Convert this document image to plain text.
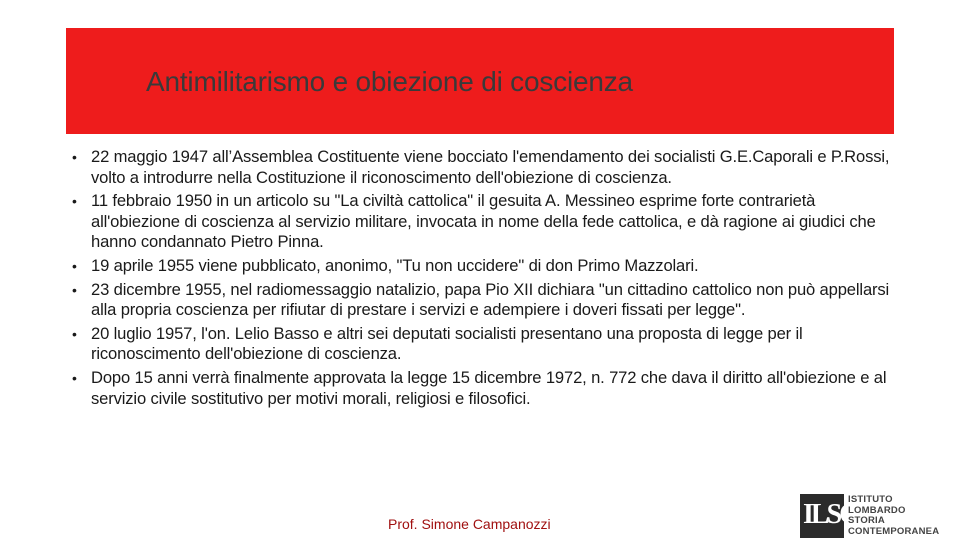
Antimilitarismo e obiezione di coscienza
• 22 maggio 1947 all’Assemblea Costituente viene bocciato l'emendamento dei socialisti G.E.Caporali e P.Rossi, volto a introdurre nella Costituzione il riconoscimento dell'obiezione di coscienza.
• 11 febbraio 1950 in un articolo su "La civiltà cattolica" il gesuita A. Messineo esprime forte contrarietà all'obiezione di coscienza al servizio militare, invocata in nome della fede cattolica, e dà ragione ai giudici che hanno condannato Pietro Pinna.
• 19 aprile 1955 viene pubblicato, anonimo, "Tu non uccidere" di don Primo Mazzolari.
• 23 dicembre 1955, nel radiomessaggio natalizio, papa Pio XII dichiara "un cittadino cattolico non può appellarsi alla propria coscienza per rifiutar di prestare i servizi e adempiere i doveri fissati per legge".
• 20 luglio 1957, l'on. Lelio Basso e altri sei deputati socialisti presentano una proposta di legge per il riconoscimento dell'obiezione di coscienza.
• Dopo 15 anni verrà finalmente approvata la legge 15 dicembre 1972, n. 772 che dava il diritto all'obiezione e al servizio civile sostitutivo per motivi morali, religiosi e filosofici.
Prof. Simone Campanozzi	ILSC
ISTITUTO
LOMBARDO
STORIA
CONTEMPORANEA
